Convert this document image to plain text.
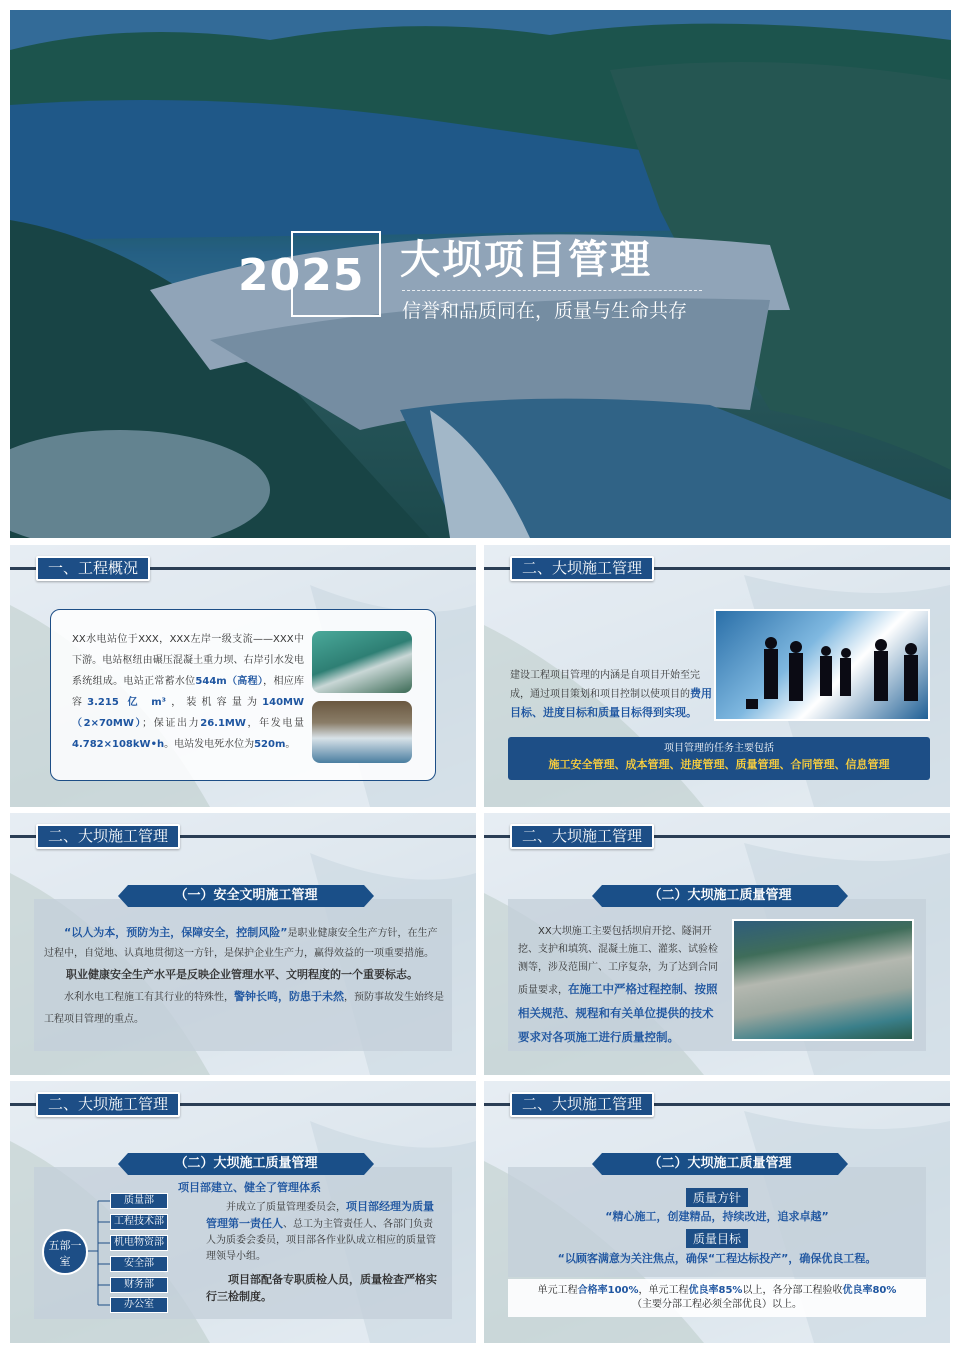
2025 大坝项目管理
信誉和品质同在，质量与生命共存
一、工程概况

XX水电站位于XXX，XXX左岸一级支流——XXX中下游。电站枢纽由碾压混凝土重力坝、右岸引水发电系统组成。电站正常蓄水位544m（高程），相应库容3.215 亿 m³，装机容量为140MW（2×70MW）；保证出力26.1MW，年发电量4.782×108kW•h。电站发电死水位为520m。

二、大坝施工管理

建设工程项目管理的内涵是自项目开始至完成，通过项目策划和项目控制以使项目的费用目标、进度目标和质量目标得到实现。

项目管理的任务主要包括
施工安全管理、成本管理、进度管理、质量管理、合同管理、信息管理
二、大坝施工管理
（一）安全文明施工管理

“以人为本，预防为主，保障安全，控制风险”是职业健康安全生产方针，在生产过程中，自觉地、认真地贯彻这一方针，是保护企业生产力，赢得效益的一项重要措施。

职业健康安全生产水平是反映企业管理水平、文明程度的一个重要标志。

水利水电工程施工有其行业的特殊性，警钟长鸣，防患于未然，预防事故发生始终是工程项目管理的重点。

二、大坝施工管理
（二）大坝施工质量管理

XX大坝施工主要包括坝肩开挖、隧洞开挖、支护和填筑、混凝土施工、灌浆、试验检测等，涉及范围广、工序复杂，为了达到合同质量要求，在施工中严格过程控制、按照相关规范、规程和有关单位提供的技术要求对各项施工进行质量控制。

二、大坝施工管理
（二）大坝施工质量管理
项目部建立、健全了管理体系
五部一室
质量部
工程技术部
机电物资部
安全部
财务部
办公室

并成立了质量管理委员会，项目部经理为质量管理第一责任人、总工为主管责任人、各部门负责人为质委会委员，项目部各作业队成立相应的质量管理领导小组。

项目部配备专职质检人员，质量检查严格实行三检制度。

二、大坝施工管理
（二）大坝施工质量管理
质量方针
“精心施工，创建精品，持续改进，追求卓越”
质量目标
“以顾客满意为关注焦点，确保“工程达标投产”，确保优良工程。
单元工程合格率100%，单元工程优良率85%以上，各分部工程验收优良率80%
（主要分部工程必须全部优良）以上。
